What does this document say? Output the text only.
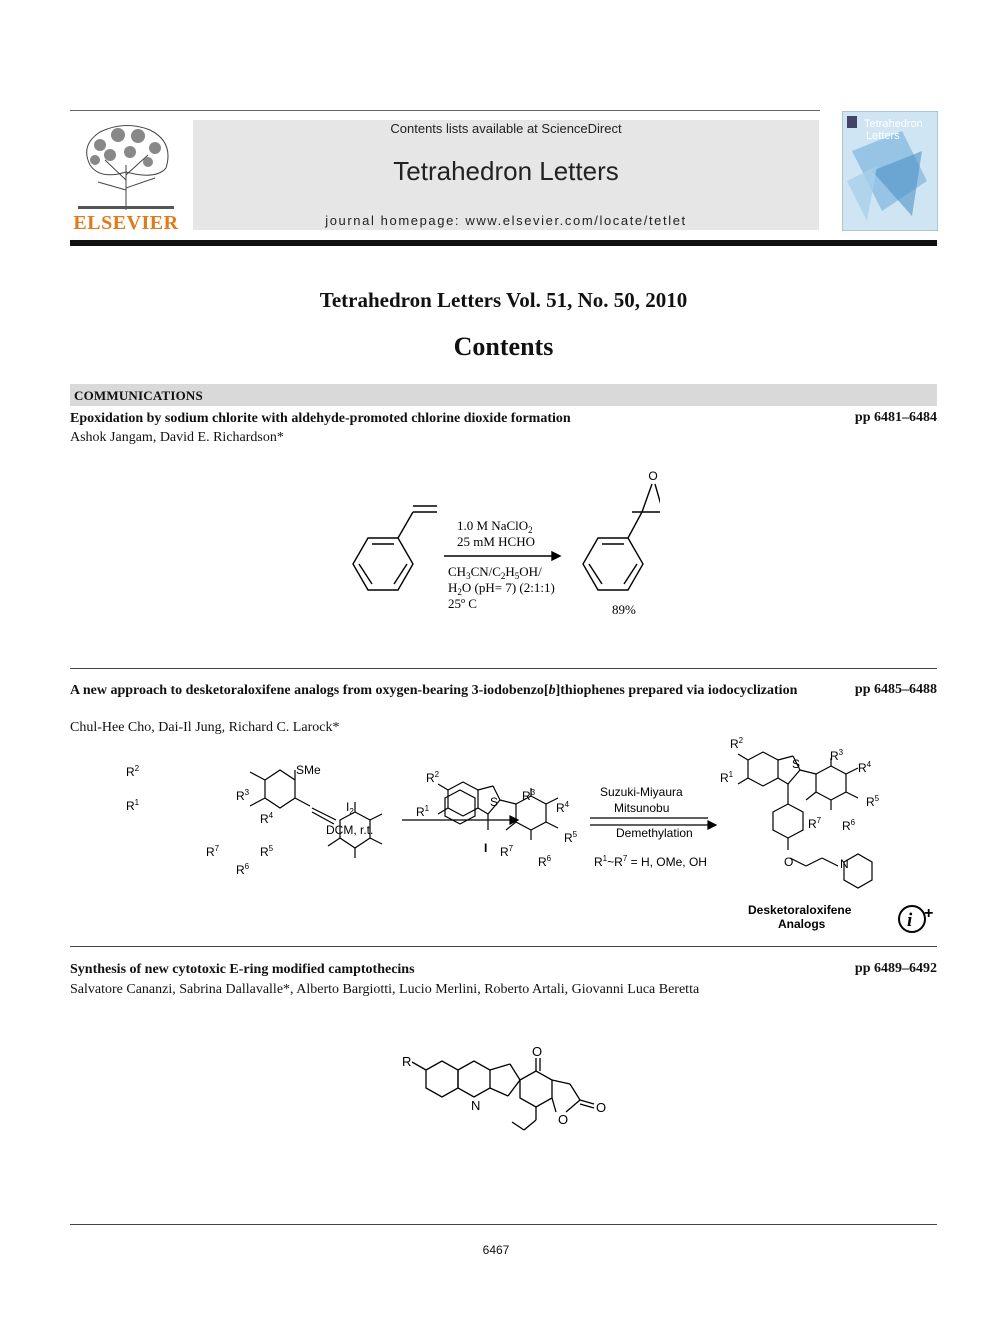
ELSEVIER
Contents lists available at ScienceDirect
Tetrahedron Letters
journal homepage: www.elsevier.com/locate/tetlet
Tetrahedron
Letters
Tetrahedron Letters Vol. 51, No. 50, 2010
Contents
COMMUNICATIONS
Epoxidation by sodium chlorite with aldehyde-promoted chlorine dioxide formation	pp 6481–6484
Ashok Jangam, David E. Richardson*
O
1.0 M NaClO$_2$
25 mM HCHO
$CH_3CN/C_2H_5OH/$
$H_2O$ (pH= 7) (2:1:1)
25º C	89%
A new approach to desketoraloxifene analogs from oxygen-bearing 3-iodobenzo[b]thiophenes prepared via iodocyclization	pp 6485–6488
Chul-Hee Cho, Dai-Il Jung, Richard C. Larock*
SMe
$R^2$
$R^1$	$R^3$
$R^4$
$R^5$
$R^7$
$R^6$
$I_2$
DCM, r.t.
$R^2$
$R^1$	S
I
$R^3$
$R^4$
$R^5$
$R^7$
$R^6$
Suzuki-Miyaura
Mitsunobu
Demethylation
$R^1\sim R^7 = H$, OMe, OH
$R^2$
$R^1$
S
$R^3$
$R^4$
$R^5$
$R^7$ $R^6$
O	N
Desketoraloxifene
Analogs	i +
Synthesis of new cytotoxic E-ring modified camptothecins	pp 6489–6492
Salvatore Cananzi, Sabrina Dallavalle*, Alberto Bargiotti, Lucio Merlini, Roberto Artali, Giovanni Luca Beretta
R
N
O
O
O
6467
